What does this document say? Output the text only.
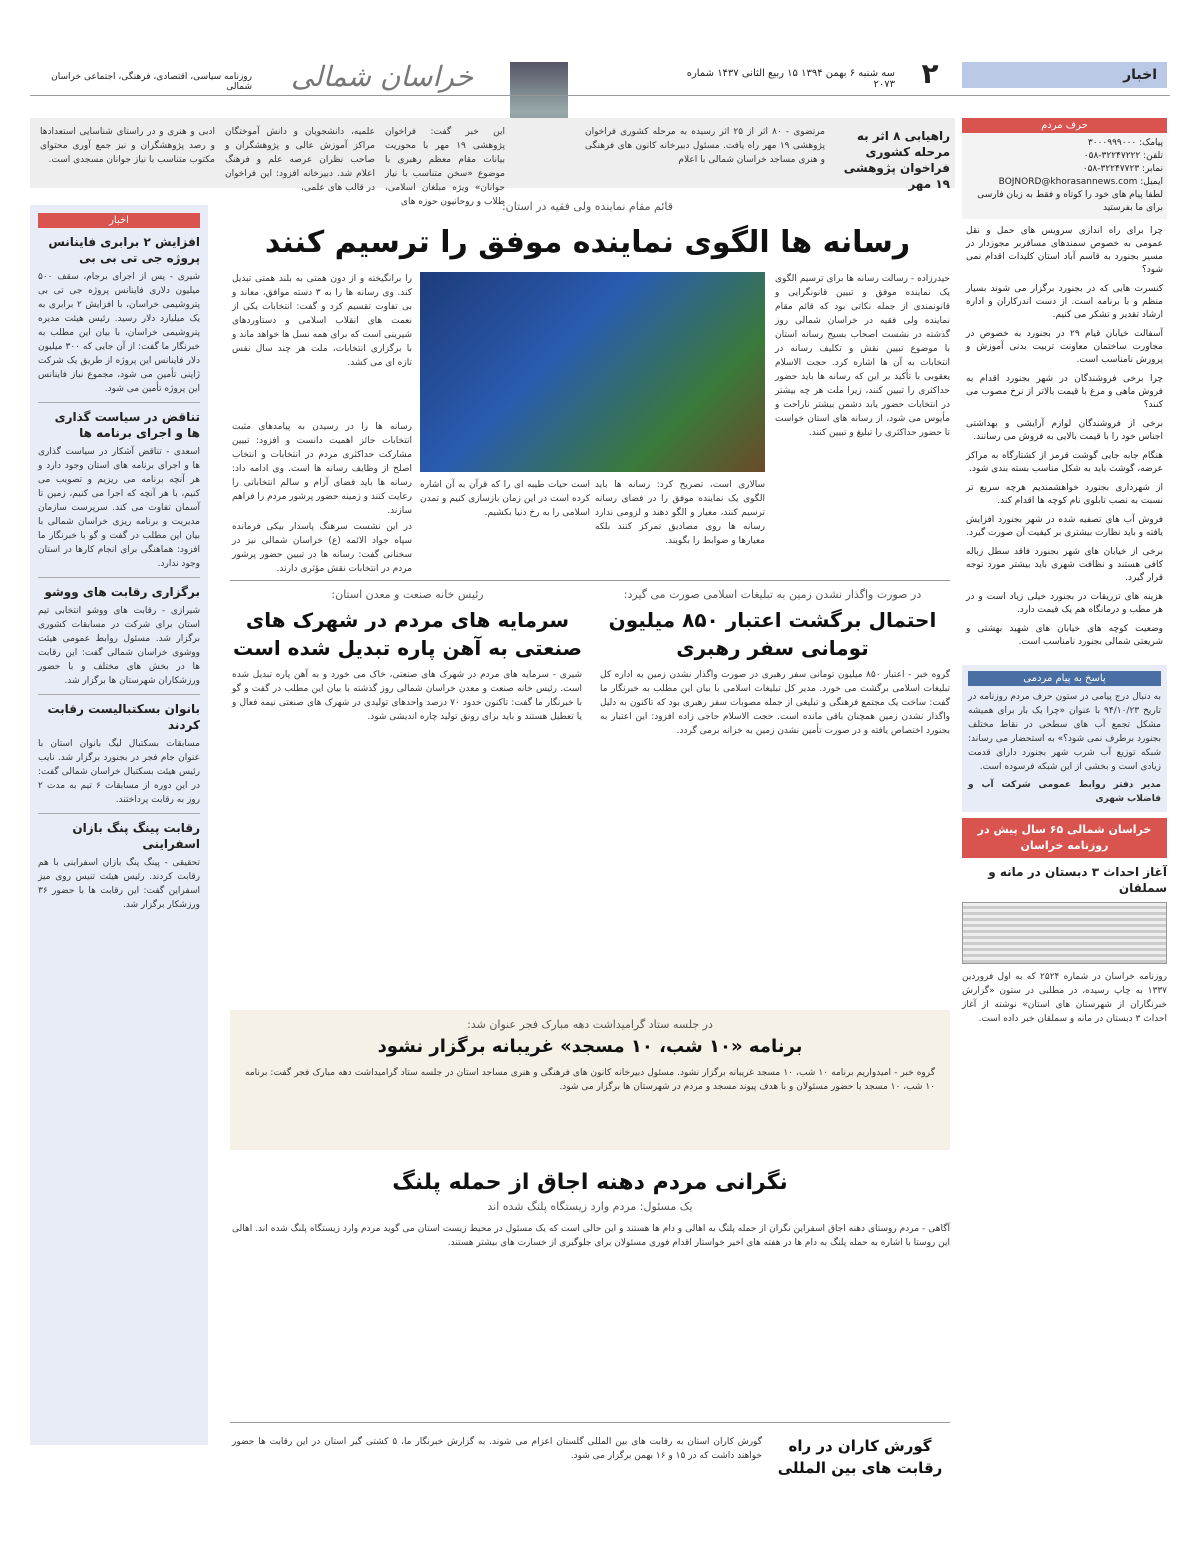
اخبار
۲
سه شنبه ۶ بهمن ۱۳۹۴ ۱۵ ربیع الثانی ۱۴۳۷ شماره ۲۰۷۳
خراسان شمالی
روزنامه سیاسی، اقتصادی، فرهنگی، اجتماعی خراسان شمالی
راهیابی ۸ اثر به مرحله کشوری فراخوان پژوهشی ۱۹ مهر

مرتضوی - ۸۰ اثر از ۲۵ اثر رسیده به مرحله کشوری فراخوان پژوهشی ۱۹ مهر راه یافت. مسئول دبیرخانه کانون های فرهنگی و هنری مساجد خراسان شمالی با اعلام

این خبر گفت: فراخوان پژوهشی ۱۹ مهر با محوریت بیانات مقام معظم رهبری با موضوع «سخن متناسب با نیاز جوانان» ویژه مبلغان اسلامی، طلاب و روحانیون حوزه های

علمیه، دانشجویان و دانش آموختگان مراکز آموزش عالی و پژوهشگران و صاحب نظران عرصه علم و فرهنگ اعلام شد. دبیرخانه افزود: این فراخوان در قالب های علمی،

ادبی و هنری و در راستای شناسایی استعدادها و رصد پژوهشگران و نیز جمع آوری محتوای مکتوب متناسب با نیاز جوانان مسجدی است.

اخبار
افزایش ۲ برابری فاینانس پروژه جی تی بی بی

شیری - پس از اجرای برجام، سقف ۵۰۰ میلیون دلاری فاینانس پروژه جی تی بی پتروشیمی خراسان، با افزایش ۲ برابری به یک میلیارد دلار رسید. رئیس هیئت مدیره پتروشیمی خراسان، با بیان این مطلب به خبرنگار ما گفت: از آن جایی که ۳۰۰ میلیون دلار فاینانس این پروژه از طریق یک شرکت ژاپنی تأمین می شود، مجموع نیاز فاینانس این پروژه تأمین می شود.

تناقض در سیاست گذاری ها و اجرای برنامه ها

اسعدی - تناقض آشکار در سیاست گذاری ها و اجرای برنامه های استان وجود دارد و هر آنچه برنامه می ریزیم و تصویب می کنیم، با هر آنچه که اجرا می کنیم، زمین تا آسمان تفاوت می کند. سرپرست سازمان مدیریت و برنامه ریزی خراسان شمالی با بیان این مطلب در گفت و گو با خبرنگار ما افزود: هماهنگی برای انجام کارها در استان وجود ندارد.

برگزاری رقابت های ووشو

شیرازی - رقابت های ووشو انتخابی تیم استان برای شرکت در مسابقات کشوری برگزار شد. مسئول روابط عمومی هیئت ووشوی خراسان شمالی گفت: این رقابت ها در بخش های مختلف و با حضور ورزشکاران شهرستان ها برگزار شد.

بانوان بسکتبالیست رقابت کردند

مسابقات بسکتبال لیگ بانوان استان با عنوان جام فجر در بجنورد برگزار شد. نایب رئیس هیئت بسکتبال خراسان شمالی گفت: در این دوره از مسابقات ۶ تیم به مدت ۲ روز به رقابت پرداختند.

رقابت پینگ پنگ بازان اسفراینی

تحقیقی - پینگ پنگ بازان اسفراینی با هم رقابت کردند. رئیس هیئت تنیس روی میز اسفراین گفت: این رقابت ها با حضور ۳۶ ورزشکار برگزار شد.

قائم مقام نماینده ولی فقیه در استان:
رسانه ها الگوی نماینده موفق را ترسیم کنند

حیدرزاده - رسالت رسانه ها برای ترسیم الگوی یک نماینده موفق و تبیین قانونگرایی و قانونمندی از جمله نکاتی بود که قائم مقام نماینده ولی فقیه در خراسان شمالی روز گذشته در نشست اصحاب بسیج رسانه استان با موضوع تبیین نقش و تکلیف رسانه در انتخابات به آن ها اشاره کرد. حجت الاسلام یعقوبی با تأکید بر این که رسانه ها باید حضور حداکثری را تبیین کنند، زیرا ملت هر چه بیشتر در انتخابات حضور یابد دشمن بیشتر ناراحت و مأیوس می شود، از رسانه های استان خواست تا حضور حداکثری را تبلیغ و تبیین کنند.

است حیات طیبه ای را که قرآن به آن اشاره کرده است در این زمان بازسازی کنیم و تمدن اسلامی را به رخ دنیا بکشیم.

سالاری است، تصریح کرد: رسانه ها باید الگوی یک نماینده موفق را در فضای رسانه ترسیم کنند، معیار و الگو دهند و لزومی ندارد رسانه ها روی مصادیق تمرکز کنند بلکه معیارها و ضوابط را بگویند.

را برانگیخته و از دون همتی به بلند همتی تبدیل کند. وی رسانه ها را به ۳ دسته موافق، معاند و بی تفاوت تقسیم کرد و گفت: انتخابات یکی از نعمت های انقلاب اسلامی و دستاوردهای شیرینی است که برای همه نسل ها خواهد ماند و با برگزاری انتخابات، ملت هر چند سال نفس تازه ای می کشد.

رسانه ها را در رسیدن به پیامدهای مثبت انتخابات حائز اهمیت دانست و افزود: تبیین مشارکت حداکثری مردم در انتخابات و انتخاب اصلح از وظایف رسانه ها است. وی ادامه داد: رسانه ها باید فضای آرام و سالم انتخاباتی را رعایت کنند و زمینه حضور پرشور مردم را فراهم سازند.

در این نشست سرهنگ پاسدار بیکی فرمانده سپاه جواد الائمه (ع) خراسان شمالی نیز در سخنانی گفت: رسانه ها در تبیین حضور پرشور مردم در انتخابات نقش مؤثری دارند.

در صورت واگذار نشدن زمین به تبلیغات اسلامی صورت می گیرد:
احتمال برگشت اعتبار ۸۵۰ میلیون تومانی سفر رهبری

گروه خبر - اعتبار ۸۵۰ میلیون تومانی سفر رهبری در صورت واگذار نشدن زمین به اداره کل تبلیغات اسلامی برگشت می خورد. مدیر کل تبلیغات اسلامی با بیان این مطلب به خبرنگار ما گفت: ساخت یک مجتمع فرهنگی و تبلیغی از جمله مصوبات سفر رهبری بود که تاکنون به دلیل واگذار نشدن زمین همچنان باقی مانده است. حجت الاسلام حاجی زاده افزود: این اعتبار به بجنورد اختصاص یافته و در صورت تأمین نشدن زمین به خزانه برمی گردد.

رئیس خانه صنعت و معدن استان:
سرمایه های مردم در شهرک های صنعتی به آهن پاره تبدیل شده است

شیری - سرمایه های مردم در شهرک های صنعتی، خاک می خورد و به آهن پاره تبدیل شده است. رئیس خانه صنعت و معدن خراسان شمالی روز گذشته با بیان این مطلب در گفت و گو با خبرنگار ما گفت: تاکنون حدود ۷۰ درصد واحدهای تولیدی در شهرک های صنعتی نیمه فعال و یا تعطیل هستند و باید برای رونق تولید چاره اندیشی شود.

در جلسه ستاد گرامیداشت دهه مبارک فجر عنوان شد:
برنامه «۱۰ شب، ۱۰ مسجد» غریبانه برگزار نشود

گروه خبر - امیدواریم برنامه ۱۰ شب، ۱۰ مسجد غریبانه برگزار نشود. مسئول دبیرخانه کانون های فرهنگی و هنری مساجد استان در جلسه ستاد گرامیداشت دهه مبارک فجر گفت: برنامه ۱۰ شب، ۱۰ مسجد با حضور مسئولان و با هدف پیوند مسجد و مردم در شهرستان ها برگزار می شود.

نگرانی مردم دهنه اجاق از حمله پلنگ
یک مسئول: مردم وارد زیستگاه پلنگ شده اند

آگاهی - مردم روستای دهنه اجاق اسفراین نگران از حمله پلنگ به اهالی و دام ها هستند و این حالی است که یک مسئول در محیط زیست استان می گوید مردم وارد زیستگاه پلنگ شده اند. اهالی این روستا با اشاره به حمله پلنگ به دام ها در هفته های اخیر خواستار اقدام فوری مسئولان برای جلوگیری از خسارت های بیشتر هستند.

گورش کاران در راه رقابت های بین المللی

گورش کاران استان به رقابت های بین المللی گلستان اعزام می شوند. به گزارش خبرنگار ما، ۵ کشتی گیر استان در این رقابت ها حضور خواهند داشت که در ۱۵ و ۱۶ بهمن برگزار می شود.

حرف مردم
پیامک: ۳۰۰۰۹۹۹۰۰۰
تلفن: ۳۲۲۴۷۲۲۲-۰۵۸
نمابر: ۳۲۲۴۷۷۲۳-۰۵۸
ایمیل: BOJNORD@khorasannews.com
لطفا پیام های خود را کوتاه و فقط به زبان فارسی برای ما بفرستید

چرا برای راه اندازی سرویس های حمل و نقل عمومی به خصوص سمندهای مسافربر مجوزدار در مسیر بجنورد به قاسم آباد استان کلیدات اقدام نمی شود؟

کنسرت هایی که در بجنورد برگزار می شوند بسیار منظم و با برنامه است. از دست اندرکاران و اداره ارشاد تقدیر و تشکر می کنیم.

آسفالت خیابان قیام ۲۹ در بجنورد به خصوص در مجاورت ساختمان معاونت تربیت بدنی آموزش و پرورش نامناسب است.

چرا برخی فروشندگان در شهر بجنورد اقدام به فروش ماهی و مرغ با قیمت بالاتر از نرخ مصوب می کنند؟

برخی از فروشندگان لوازم آرایشی و بهداشتی اجناس خود را با قیمت بالایی به فروش می رسانند.

هنگام جابه جایی گوشت قرمز از کشتارگاه به مراکز عرضه، گوشت باید به شکل مناسب بسته بندی شود.

از شهرداری بجنورد خواهشمندیم هرچه سریع تر نسبت به نصب تابلوی نام کوچه ها اقدام کند.

فروش آب های تصفیه شده در شهر بجنورد افزایش یافته و باید نظارت بیشتری بر کیفیت آن صورت گیرد.

برخی از خیابان های شهر بجنورد فاقد سطل زباله کافی هستند و نظافت شهری باید بیشتر مورد توجه قرار گیرد.

هزینه های تزریقات در بجنورد خیلی زیاد است و در هر مطب و درمانگاه هم یک قیمت دارد.

وضعیت کوچه های خیابان های شهید بهشتی و شریعتی شمالی بجنورد نامناسب است.

پاسخ به پیام مردمی

به دنبال درج پیامی در ستون حرف مردم روزنامه در تاریخ ۹۴/۱۰/۲۳ با عنوان «چرا یک بار برای همیشه مشکل تجمع آب های سطحی در نقاط مختلف بجنورد برطرف نمی شود؟» به استحضار می رساند: شبکه توزیع آب شرب شهر بجنورد دارای قدمت زیادی است و بخشی از این شبکه فرسوده است.

مدیر دفتر روابط عمومی شرکت آب و فاضلاب شهری

خراسان شمالی ۶۵ سال پیش در روزنامه خراسان
آغاز احداث ۳ دبستان در مانه و سملقان

روزنامه خراسان در شماره ۲۵۲۴ که به اول فروردین ۱۳۳۷ به چاپ رسیده، در مطلبی در ستون «گزارش خبرنگاران از شهرستان های استان» نوشته از آغاز احداث ۳ دبستان در مانه و سملقان خبر داده است.
